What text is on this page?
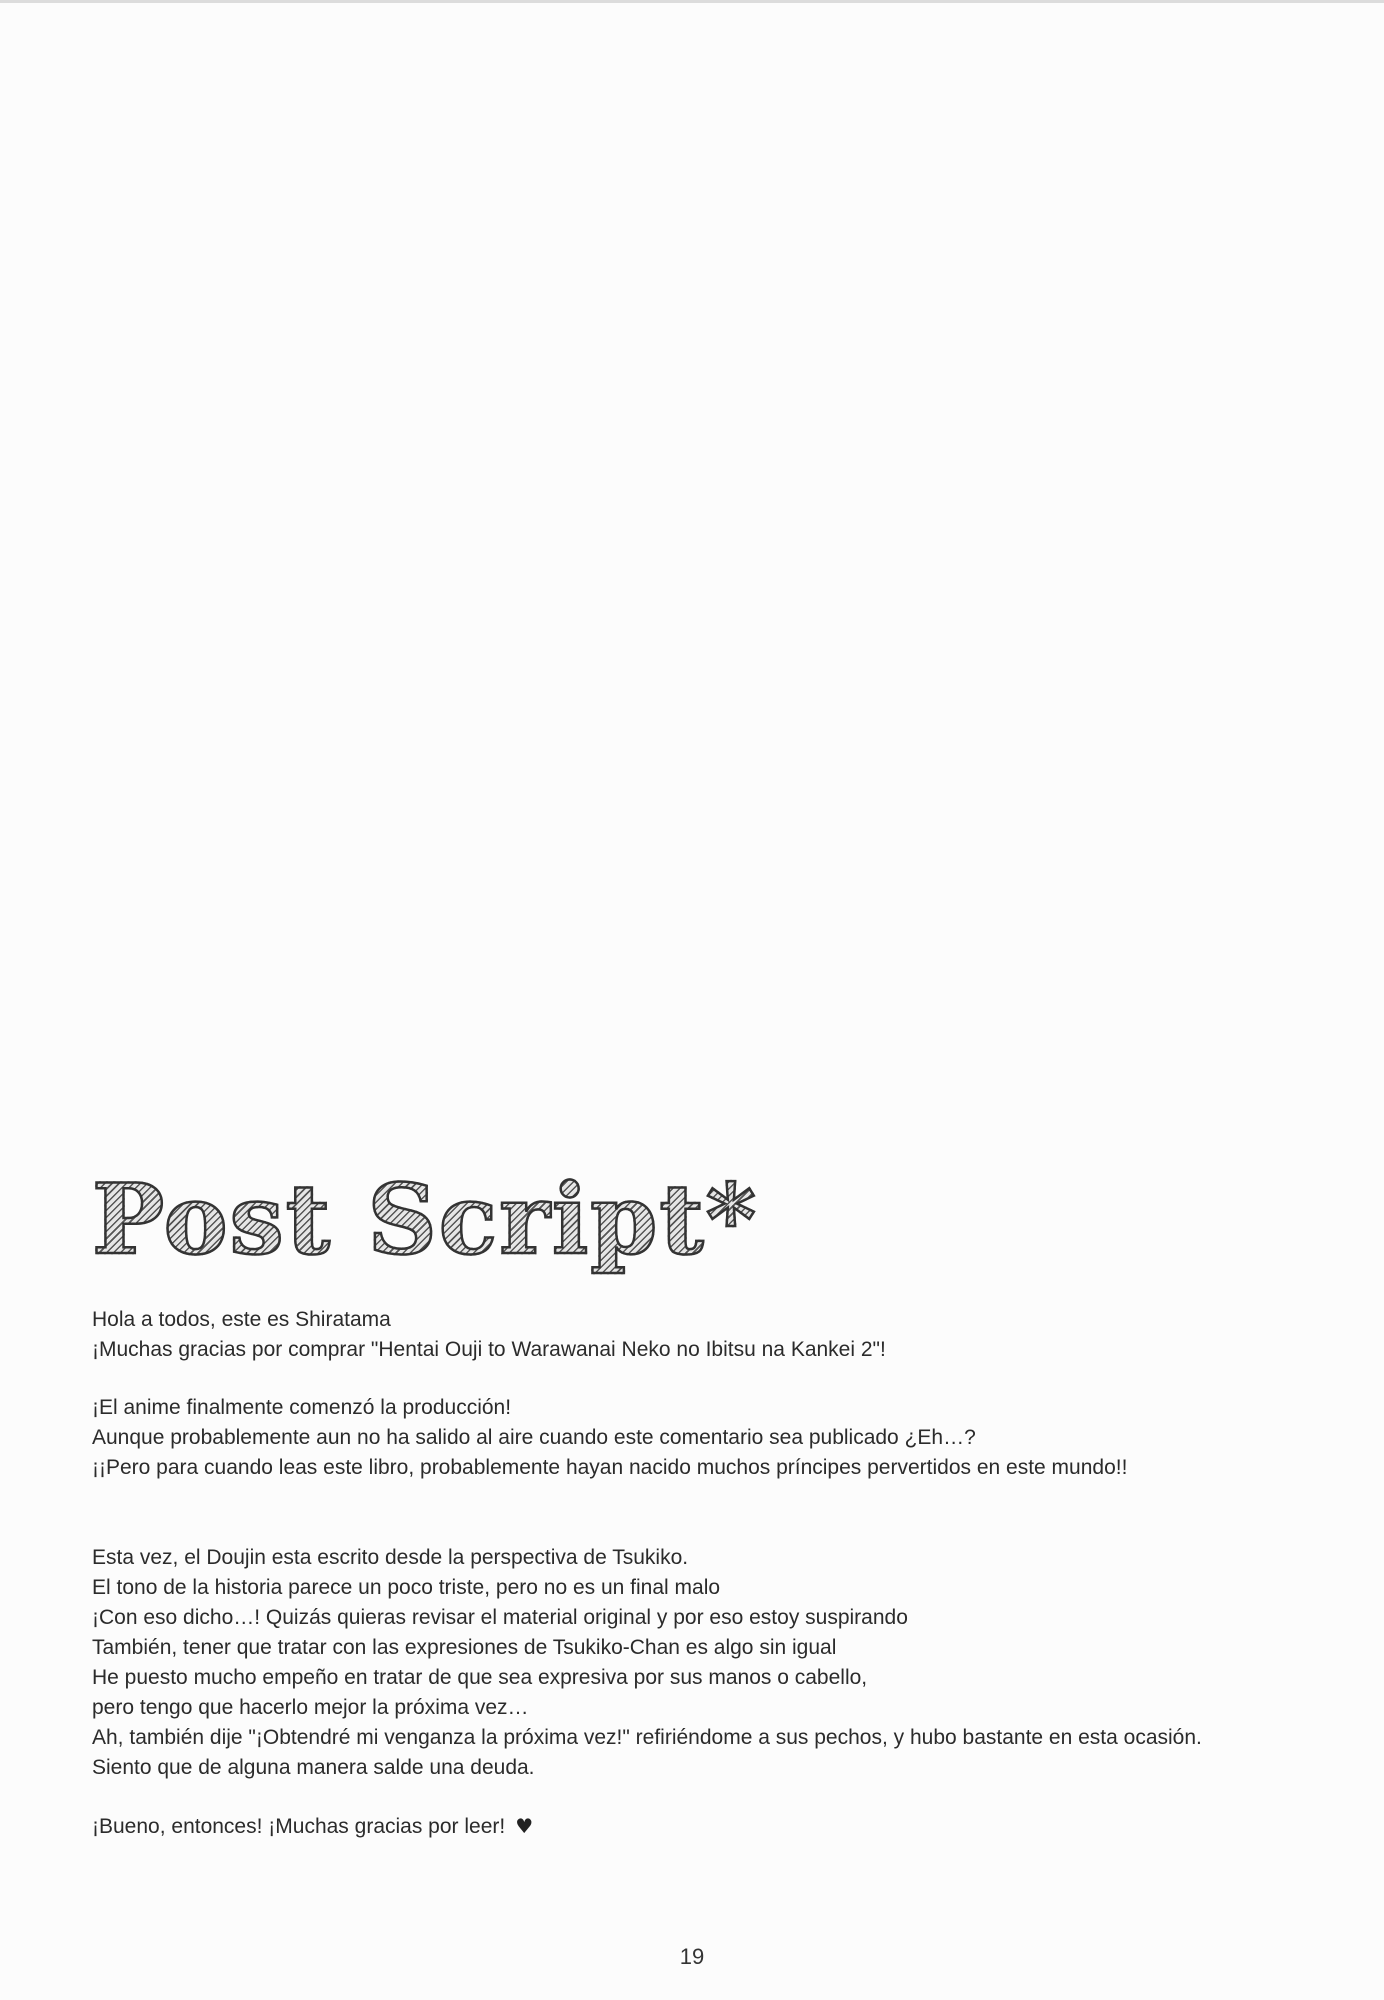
Post Script*
Hola a todos, este es Shiratama
¡Muchas gracias por comprar "Hentai Ouji to Warawanai Neko no Ibitsu na Kankei 2"!
¡El anime finalmente comenzó la producción!
Aunque probablemente aun no ha salido al aire cuando este comentario sea publicado ¿Eh…?
¡¡Pero para cuando leas este libro, probablemente hayan nacido muchos príncipes pervertidos en este mundo!!
Esta vez, el Doujin esta escrito desde la perspectiva de Tsukiko.
El tono de la historia parece un poco triste, pero no es un final malo
¡Con eso dicho…! Quizás quieras revisar el material original y por eso estoy suspirando
También, tener que tratar con las expresiones de Tsukiko-Chan es algo sin igual
He puesto mucho empeño en tratar de que sea expresiva por sus manos o cabello,
pero tengo que hacerlo mejor la próxima vez…
Ah, también dije "¡Obtendré mi venganza la próxima vez!" refiriéndome a sus pechos, y hubo bastante en esta ocasión.
Siento que de alguna manera salde una deuda.
¡Bueno, entonces! ¡Muchas gracias por leer! ♥
19
